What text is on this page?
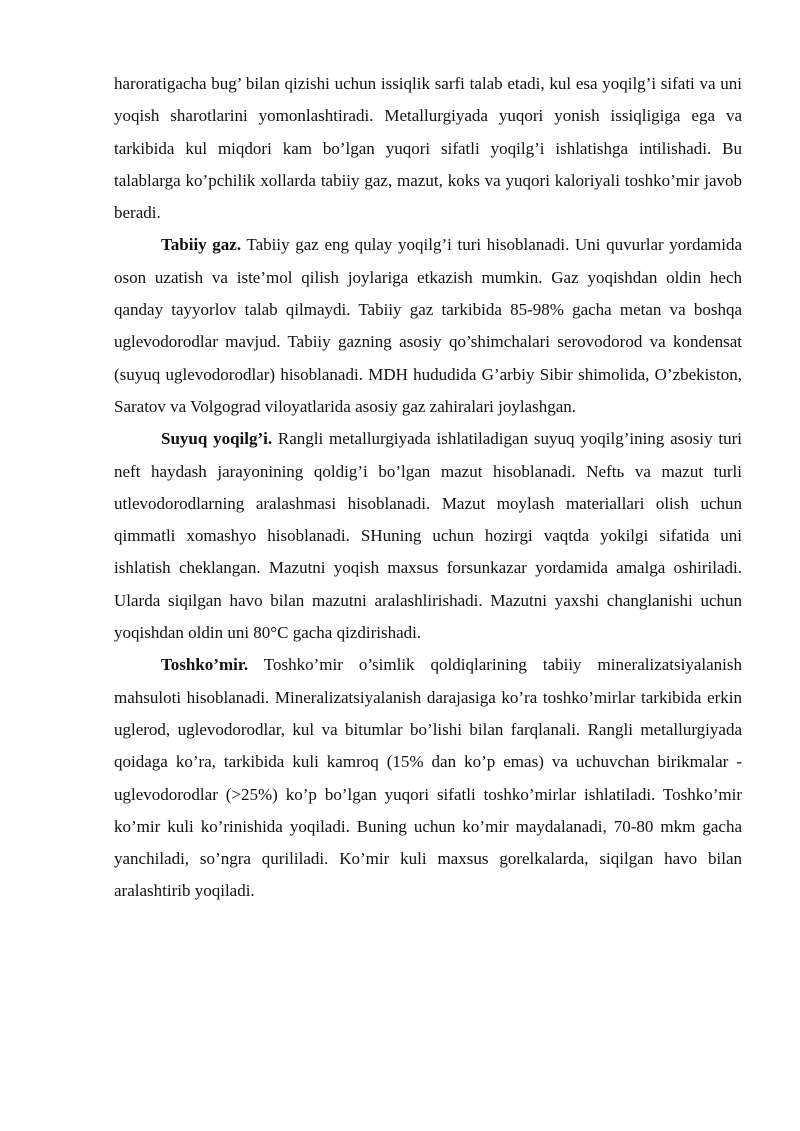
haroratigacha bug’ bilan qizishi uchun issiqlik sarfi talab etadi, kul esa yoqilg’i sifati va uni yoqish sharotlarini yomonlashtiradi. Metallurgiyada yuqori yonish issiqligiga ega va tarkibida kul miqdori kam bo’lgan yuqori sifatli yoqilg’i ishlatishga intilishadi. Bu talablarga ko’pchilik xollarda tabiiy gaz, mazut, koks va yuqori kaloriyali toshko’mir javob beradi.

Tabiiy gaz. Tabiiy gaz eng qulay yoqilg’i turi hisoblanadi. Uni quvurlar yordamida oson uzatish va iste’mol qilish joylariga etkazish mumkin. Gaz yoqishdan oldin hech qanday tayyorlov talab qilmaydi. Tabiiy gaz tarkibida 85-98% gacha metan va boshqa uglevodorodlar mavjud. Tabiiy gazning asosiy qo’shimchalari serovodorod va kondensat (suyuq uglevodorodlar) hisoblanadi. MDH hududida G’arbiy Sibir shimolida, O’zbekiston, Saratov va Volgograd viloyatlarida asosiy gaz zahiralari joylashgan.

Suyuq yoqilg’i. Rangli metallurgiyada ishlatiladigan suyuq yoqilg’ining asosiy turi neft haydash jarayonining qoldig’i bo’lgan mazut hisoblanadi. Neftь va mazut turli utlevodorodlarning aralashmasi hisoblanadi. Mazut moylash materiallari olish uchun qimmatli xomashyo hisoblanadi. SHuning uchun hozirgi vaqtda yokilgi sifatida uni ishlatish cheklangan. Mazutni yoqish maxsus forsunkazar yordamida amalga oshiriladi. Ularda siqilgan havo bilan mazutni aralashlirishadi. Mazutni yaxshi changlanishi uchun yoqishdan oldin uni 80°C gacha qizdirishadi.

Toshko’mir. Toshko’mir o’simlik qoldiqlarining tabiiy mineralizatsiyalanish mahsuloti hisoblanadi. Mineralizatsiyalanish darajasiga ko’ra toshko’mirlar tarkibida erkin uglerod, uglevodorodlar, kul va bitumlar bo’lishi bilan farqlanali. Rangli metallurgiyada qoidaga ko’ra, tarkibida kuli kamroq (15% dan ko’p emas) va uchuvchan birikmalar - uglevodorodlar (>25%) ko’p bo’lgan yuqori sifatli toshko’mirlar ishlatiladi. Toshko’mir ko’mir kuli ko’rinishida yoqiladi. Buning uchun ko’mir maydalanadi, 70-80 mkm gacha yanchiladi, so’ngra qurililadi. Ko’mir kuli maxsus gorelkalarda, siqilgan havo bilan aralashtirib yoqiladi.
